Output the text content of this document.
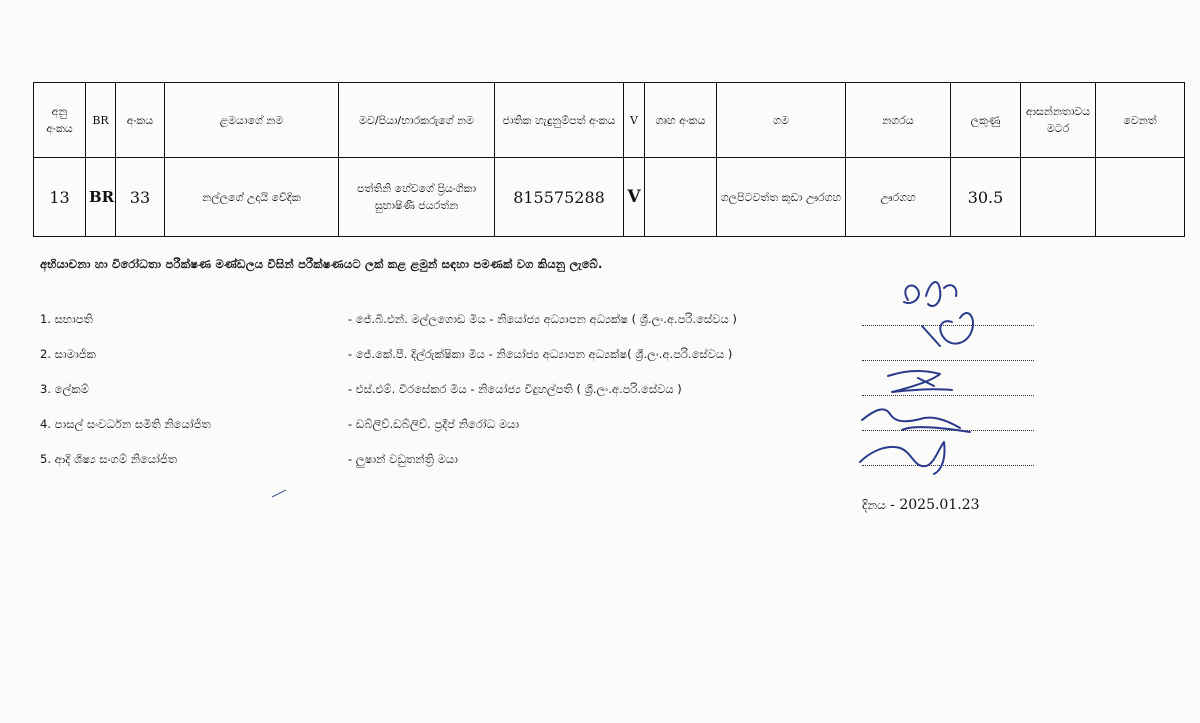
අනු අංකය	BR	අංකය	ළමයාගේ නම	මව/පියා/භාරකරුගේ නම	ජාතික හැඳුනුම්පත් අංකය	V	ගෘහ අංකය	ගම	නගරය	ලකුණු	ආසන්නතාවය මටර	වෙනත්
13	BR	33	නල්ලගේ උදායි වේදික	පත්තිනි හේවගේ ප්‍රියංගිකා සුභාෂිණී ජයරත්න	815575288	V		ගලපිටවත්ත කුඩා ඌරගහ	ඌරගහ	30.5		
අභියාචනා හා විරෝධතා පරීක්ෂණ මණ්ඩලය විසින් පරීක්ෂණයට ලක් කළ ළමුන් සඳහා පමණක් වග කියනු ලැබේ.
1. සභාපති	- ජේ.බී.එන්. මල්ලගොඩ මිය - නියෝජ්‍ය අධ්‍යාපන අධ්‍යක්ෂ ( ශ්‍රී.ලං.අ.පරි.සේවය )
2. සාමාජික	- ජේ.කේ.පී. දිල්රුක්ෂිකා මිය - නියෝජ්‍ය අධ්‍යාපන අධ්‍යක්ෂ( ශ්‍රී.ලං.අ.පරි.සේවය )
3. ලේකම්	- එස්.එම්. වීරසේකර මිය - නියෝජ්‍ය විදුහල්පති ( ශ්‍රී.ලං.අ.පරි.සේවය )
4. පාසල් සංවර්ධන සමිති නියෝජිත	- ඩබ්ලිව්.ඩබ්ලිව්. ප්‍රදීප් නිරෝධ මයා
5. ආදි ශිෂ්‍ය සංගම් නියෝජිත	- ලුෂාන් වඩුතන්ත්‍රි මයා
දිනය - 2025.01.23
